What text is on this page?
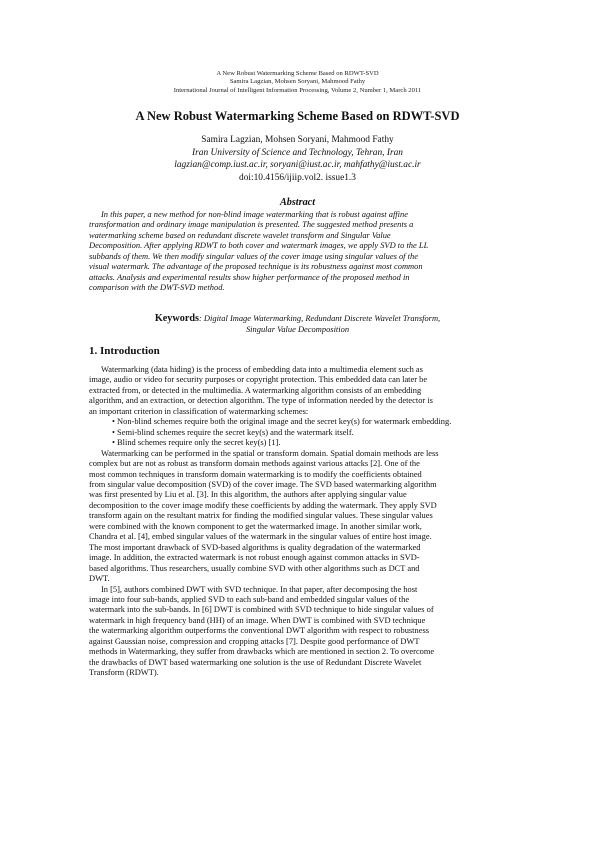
A New Robust Watermarking Scheme Based on RDWT-SVD
Samira Lagzian, Mohsen Soryani, Mahmood Fathy
International Journal of Intelligent Information Processing, Volume 2, Number 1, March 2011
A New Robust Watermarking Scheme Based on RDWT-SVD
Samira Lagzian, Mohsen Soryani, Mahmood Fathy
Iran University of Science and Technology, Tehran, Iran
lagzian@comp.iust.ac.ir, soryani@iust.ac.ir, mahfathy@iust.ac.ir
doi:10.4156/ijiip.vol2. issue1.3
Abstract
In this paper, a new method for non-blind image watermarking that is robust against affine
transformation and ordinary image manipulation is presented. The suggested method presents a
watermarking scheme based on redundant discrete wavelet transform and Singular Value
Decomposition. After applying RDWT to both cover and watermark images, we apply SVD to the LL
subbands of them. We then modify singular values of the cover image using singular values of the
visual watermark. The advantage of the proposed technique is its robustness against most common
attacks. Analysis and experimental results show higher performance of the proposed method in
comparison with the DWT-SVD method.
Keywords: Digital Image Watermarking, Redundant Discrete Wavelet Transform,
Singular Value Decomposition
1. Introduction
Watermarking (data hiding) is the process of embedding data into a multimedia element such as
image, audio or video for security purposes or copyright protection. This embedded data can later be
extracted from, or detected in the multimedia. A watermarking algorithm consists of an embedding
algorithm, and an extraction, or detection algorithm. The type of information needed by the detector is
an important criterion in classification of watermarking schemes:
• Non-blind schemes require both the original image and the secret key(s) for watermark embedding.
• Semi-blind schemes require the secret key(s) and the watermark itself.
• Blind schemes require only the secret key(s) [1].
Watermarking can be performed in the spatial or transform domain. Spatial domain methods are less
complex but are not as robust as transform domain methods against various attacks [2]. One of the
most common techniques in transform domain watermarking is to modify the coefficients obtained
from singular value decomposition (SVD) of the cover image. The SVD based watermarking algorithm
was first presented by Liu et al. [3]. In this algorithm, the authors after applying singular value
decomposition to the cover image modify these coefficients by adding the watermark. They apply SVD
transform again on the resultant matrix for finding the modified singular values. These singular values
were combined with the known component to get the watermarked image. In another similar work,
Chandra et al. [4], embed singular values of the watermark in the singular values of entire host image.
The most important drawback of SVD-based algorithms is quality degradation of the watermarked
image. In addition, the extracted watermark is not robust enough against common attacks in SVD-
based algorithms. Thus researchers, usually combine SVD with other algorithms such as DCT and
DWT.
In [5], authors combined DWT with SVD technique. In that paper, after decomposing the host
image into four sub-bands, applied SVD to each sub-band and embedded singular values of the
watermark into the sub-bands. In [6] DWT is combined with SVD technique to hide singular values of
watermark in high frequency band (HH) of an image. When DWT is combined with SVD technique
the watermarking algorithm outperforms the conventional DWT algorithm with respect to robustness
against Gaussian noise, compression and cropping attacks [7]. Despite good performance of DWT
methods in Watermarking, they suffer from drawbacks which are mentioned in section 2. To overcome
the drawbacks of DWT based watermarking one solution is the use of Redundant Discrete Wavelet
Transform (RDWT).
